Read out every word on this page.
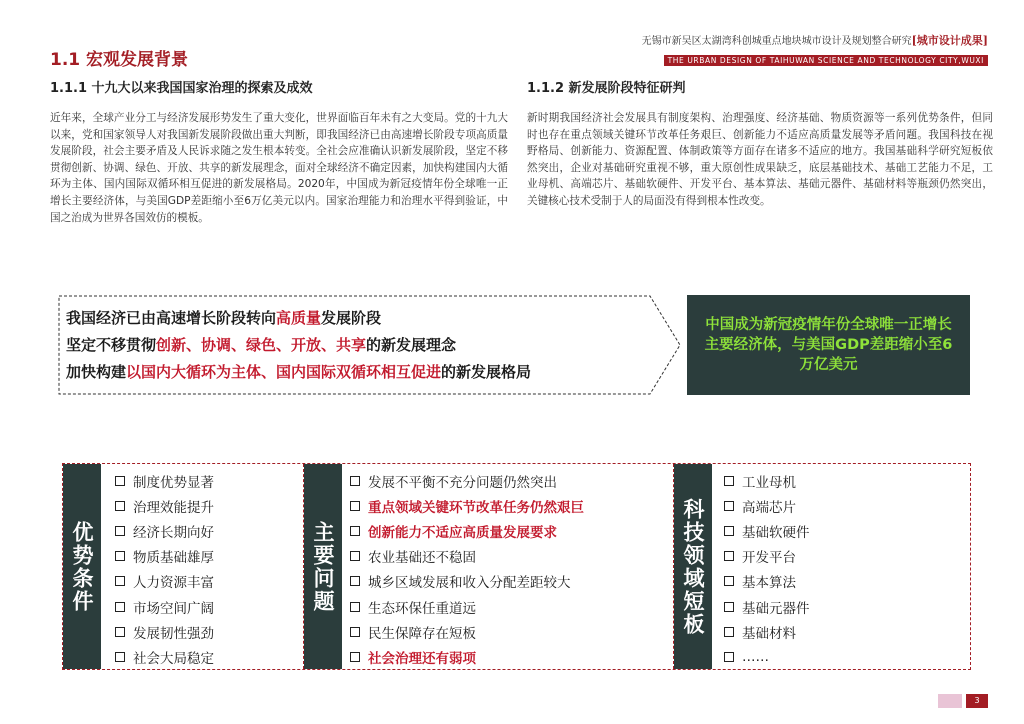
1.1 宏观发展背景
无锡市新吴区太湖湾科创城重点地块城市设计及规划整合研究[城市设计成果]
THE URBAN DESIGN OF TAIHUWAN SCIENCE AND TECHNOLOGY CITY,WUXI
1.1.1 十九大以来我国国家治理的探索及成效	1.1.2 新发展阶段特征研判
近年来，全球产业分工与经济发展形势发生了重大变化，世界面临百年未有之大变局。党的十九大以来，党和国家领导人对我国新发展阶段做出重大判断，即我国经济已由高速增长阶段专项高质量发展阶段，社会主要矛盾及人民诉求随之发生根本转变。全社会应准确认识新发展阶段，坚定不移贯彻创新、协调、绿色、开放、共享的新发展理念，面对全球经济不确定因素，加快构建国内大循环为主体、国内国际双循环相互促进的新发展格局。2020年，中国成为新冠疫情年份全球唯一正增长主要经济体，与美国GDP差距缩小至6万亿美元以内。国家治理能力和治理水平得到验证，中国之治成为世界各国效仿的模板。
新时期我国经济社会发展具有制度架构、治理强度、经济基础、物质资源等一系列优势条件，但同时也存在重点领域关键环节改革任务艰巨、创新能力不适应高质量发展等矛盾问题。我国科技在视野格局、创新能力、资源配置、体制政策等方面存在诸多不适应的地方。我国基础科学研究短板依然突出，企业对基础研究重视不够，重大原创性成果缺乏，底层基础技术、基础工艺能力不足，工业母机、高端芯片、基础软硬件、开发平台、基本算法、基础元器件、基础材料等瓶颈仍然突出，关键核心技术受制于人的局面没有得到根本性改变。
我国经济已由高速增长阶段转向高质量发展阶段
坚定不移贯彻创新、协调、绿色、开放、共享的新发展理念
加快构建以国内大循环为主体、国内国际双循环相互促进的新发展格局
中国成为新冠疫情年份全球唯一正增长主要经济体，与美国GDP差距缩小至6万亿美元
优势条件
制度优势显著
治理效能提升
经济长期向好
物质基础雄厚
人力资源丰富
市场空间广阔
发展韧性强劲
社会大局稳定
主要问题
发展不平衡不充分问题仍然突出
重点领域关键环节改革任务仍然艰巨
创新能力不适应高质量发展要求
农业基础还不稳固
城乡区域发展和收入分配差距较大
生态环保任重道远
民生保障存在短板
社会治理还有弱项
科技领域短板
工业母机
高端芯片
基础软硬件
开发平台
基本算法
基础元器件
基础材料
……
3
